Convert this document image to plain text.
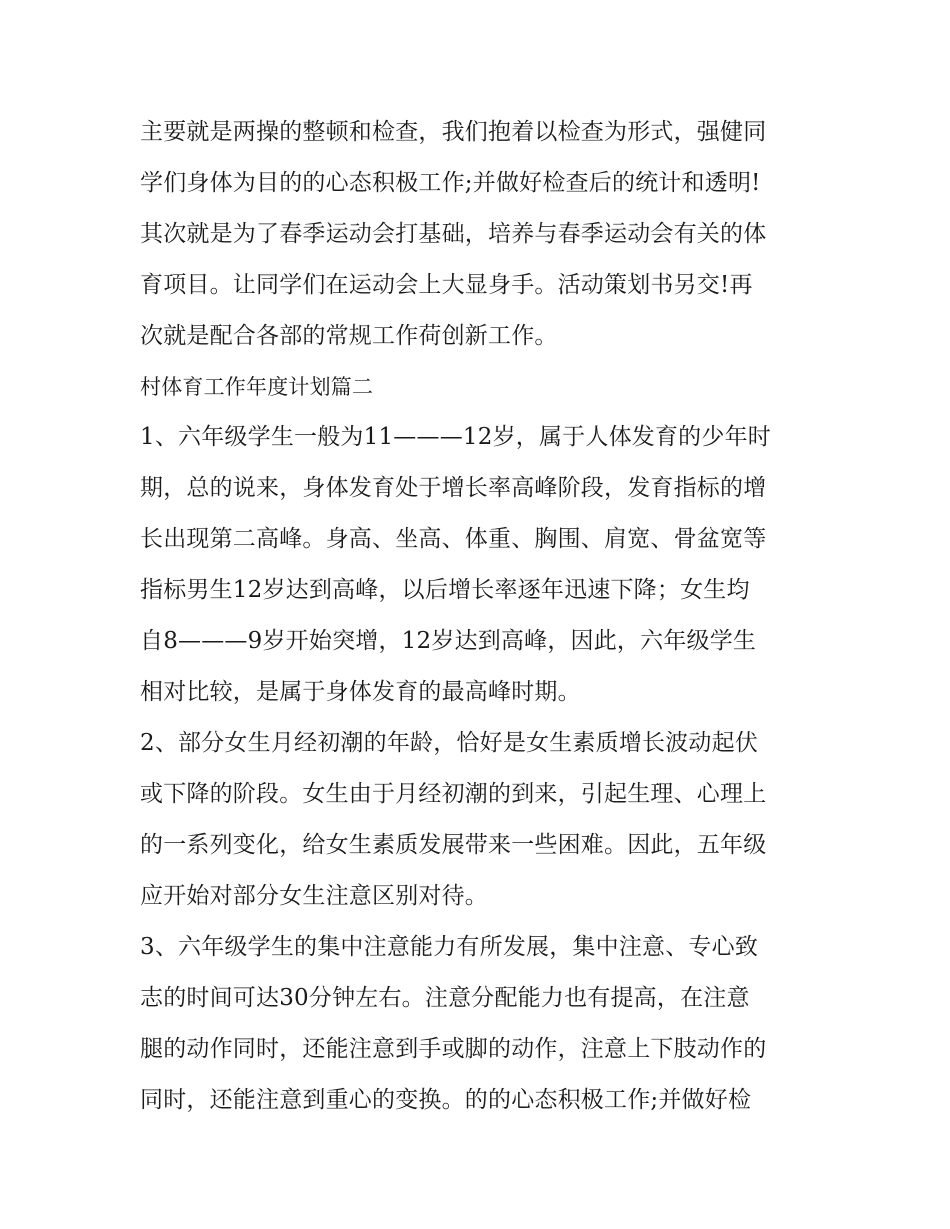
主要就是两操的整顿和检查，我们抱着以检查为形式，强健同
学们身体为目的的心态积极工作;并做好检查后的统计和透明!
其次就是为了春季运动会打基础，培养与春季运动会有关的体
育项目。让同学们在运动会上大显身手。活动策划书另交!再
次就是配合各部的常规工作荷创新工作。
村体育工作年度计划篇二
1、六年级学生一般为11———12岁，属于人体发育的少年时
期，总的说来，身体发育处于增长率高峰阶段，发育指标的增
长出现第二高峰。身高、坐高、体重、胸围、肩宽、骨盆宽等
指标男生12岁达到高峰，以后增长率逐年迅速下降；女生均
自8———9岁开始突增，12岁达到高峰，因此，六年级学生
相对比较，是属于身体发育的最高峰时期。
2、部分女生月经初潮的年龄，恰好是女生素质增长波动起伏
或下降的阶段。女生由于月经初潮的到来，引起生理、心理上
的一系列变化，给女生素质发展带来一些困难。因此，五年级
应开始对部分女生注意区别对待。
3、六年级学生的集中注意能力有所发展，集中注意、专心致
志的时间可达30分钟左右。注意分配能力也有提高，在注意
腿的动作同时，还能注意到手或脚的动作，注意上下肢动作的
同时，还能注意到重心的变换。的的心态积极工作;并做好检
